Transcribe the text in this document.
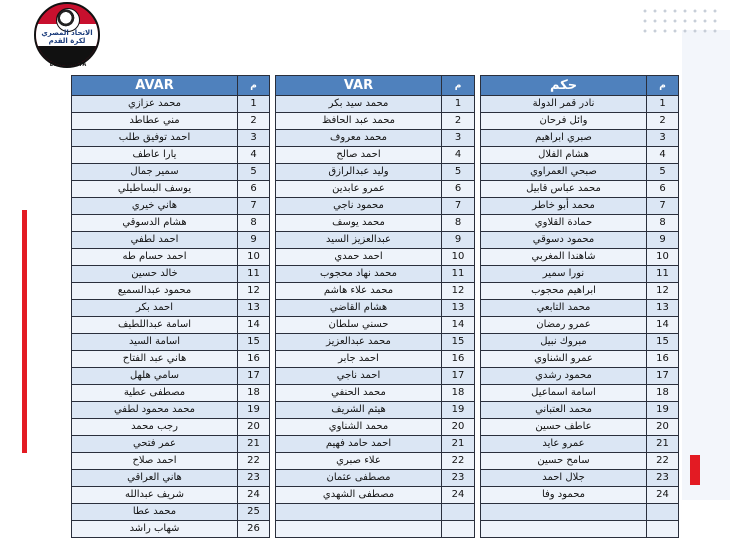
الاتحاد المصري لكرة القدم
EGYPTIAN FA
AVAR	م		VAR	م		حكم	م
محمد عزازي	1		محمد سيد بكر	1		نادر قمر الدولة	1
مني عطاطد	2		محمد عبد الحافظ	2		وائل فرحان	2
احمد توفيق طلب	3		محمد معروف	3		صبري ابراهيم	3
يارا عاطف	4		احمد صالح	4		هشام الفلال	4
سمير جمال	5		وليد عبدالرازق	5		صبحي العمراوي	5
يوسف البساطيلي	6		عمرو عابدين	6		محمد عباس قابيل	6
هاني خيري	7		محمود ناجي	7		محمد أبو خاطر	7
هشام الدسوقي	8		محمد يوسف	8		حمادة القلاوي	8
احمد لطفي	9		عبدالعزيز السيد	9		محمود دسوقي	9
احمد حسام طه	10		احمد حمدي	10		شاهندا المغربي	10
خالد حسين	11		محمد نهاد محجوب	11		نورا سمير	11
محمود عبدالسميع	12		محمد علاء هاشم	12		ابراهيم محجوب	12
احمد بكر	13		هشام القاضي	13		محمد التابعي	13
اسامة عبداللطيف	14		حسني سلطان	14		عمرو رمضان	14
اسامة السيد	15		محمد عبدالعزيز	15		مبروك نبيل	15
هاني عبد الفتاح	16		احمد جابر	16		عمرو الشناوي	16
سامي هلهل	17		احمد ناجي	17		محمود رشدي	17
مصطفى عطية	18		محمد الحنفي	18		اسامة اسماعيل	18
محمد محمود لطفي	19		هيثم الشريف	19		محمد العتباني	19
رجب محمد	20		محمد الشناوي	20		عاطف حسين	20
عمر فتحي	21		احمد حامد فهيم	21		عمرو عايد	21
احمد صلاح	22		علاء صبري	22		سامح حسين	22
هاني العراقي	23		مصطفى عثمان	23		جلال احمد	23
شريف عبدالله	24		مصطفى الشهدي	24		محمود وفا	24
محمد عطا	25						
شهاب راشد	26						
